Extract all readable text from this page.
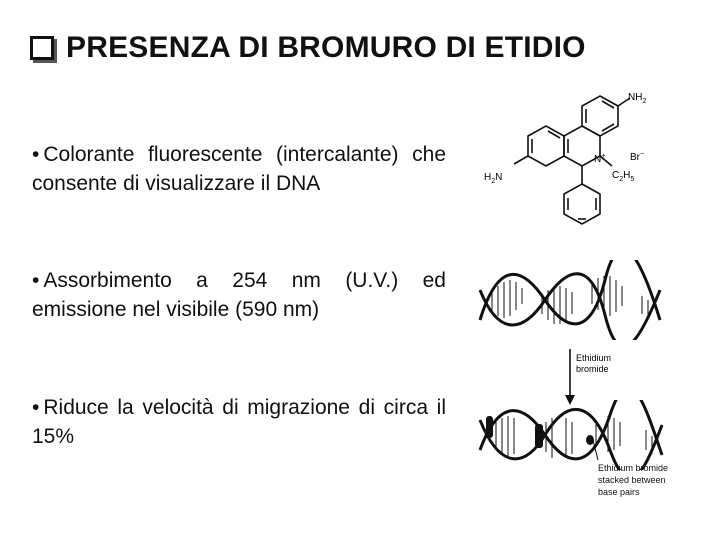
PRESENZA DI BROMURO DI ETIDIO
• Colorante fluorescente (intercalante) che consente di visualizzare il DNA
• Assorbimento a 254 nm (U.V.) ed emissione nel visibile (590 nm)
• Riduce la velocità di migrazione di circa il 15%
$NH_2$
Br−
N+
$H_2N$	$C_2H_5$
Ethidium
bromide
Ethidium bromide
stacked between
base pairs
